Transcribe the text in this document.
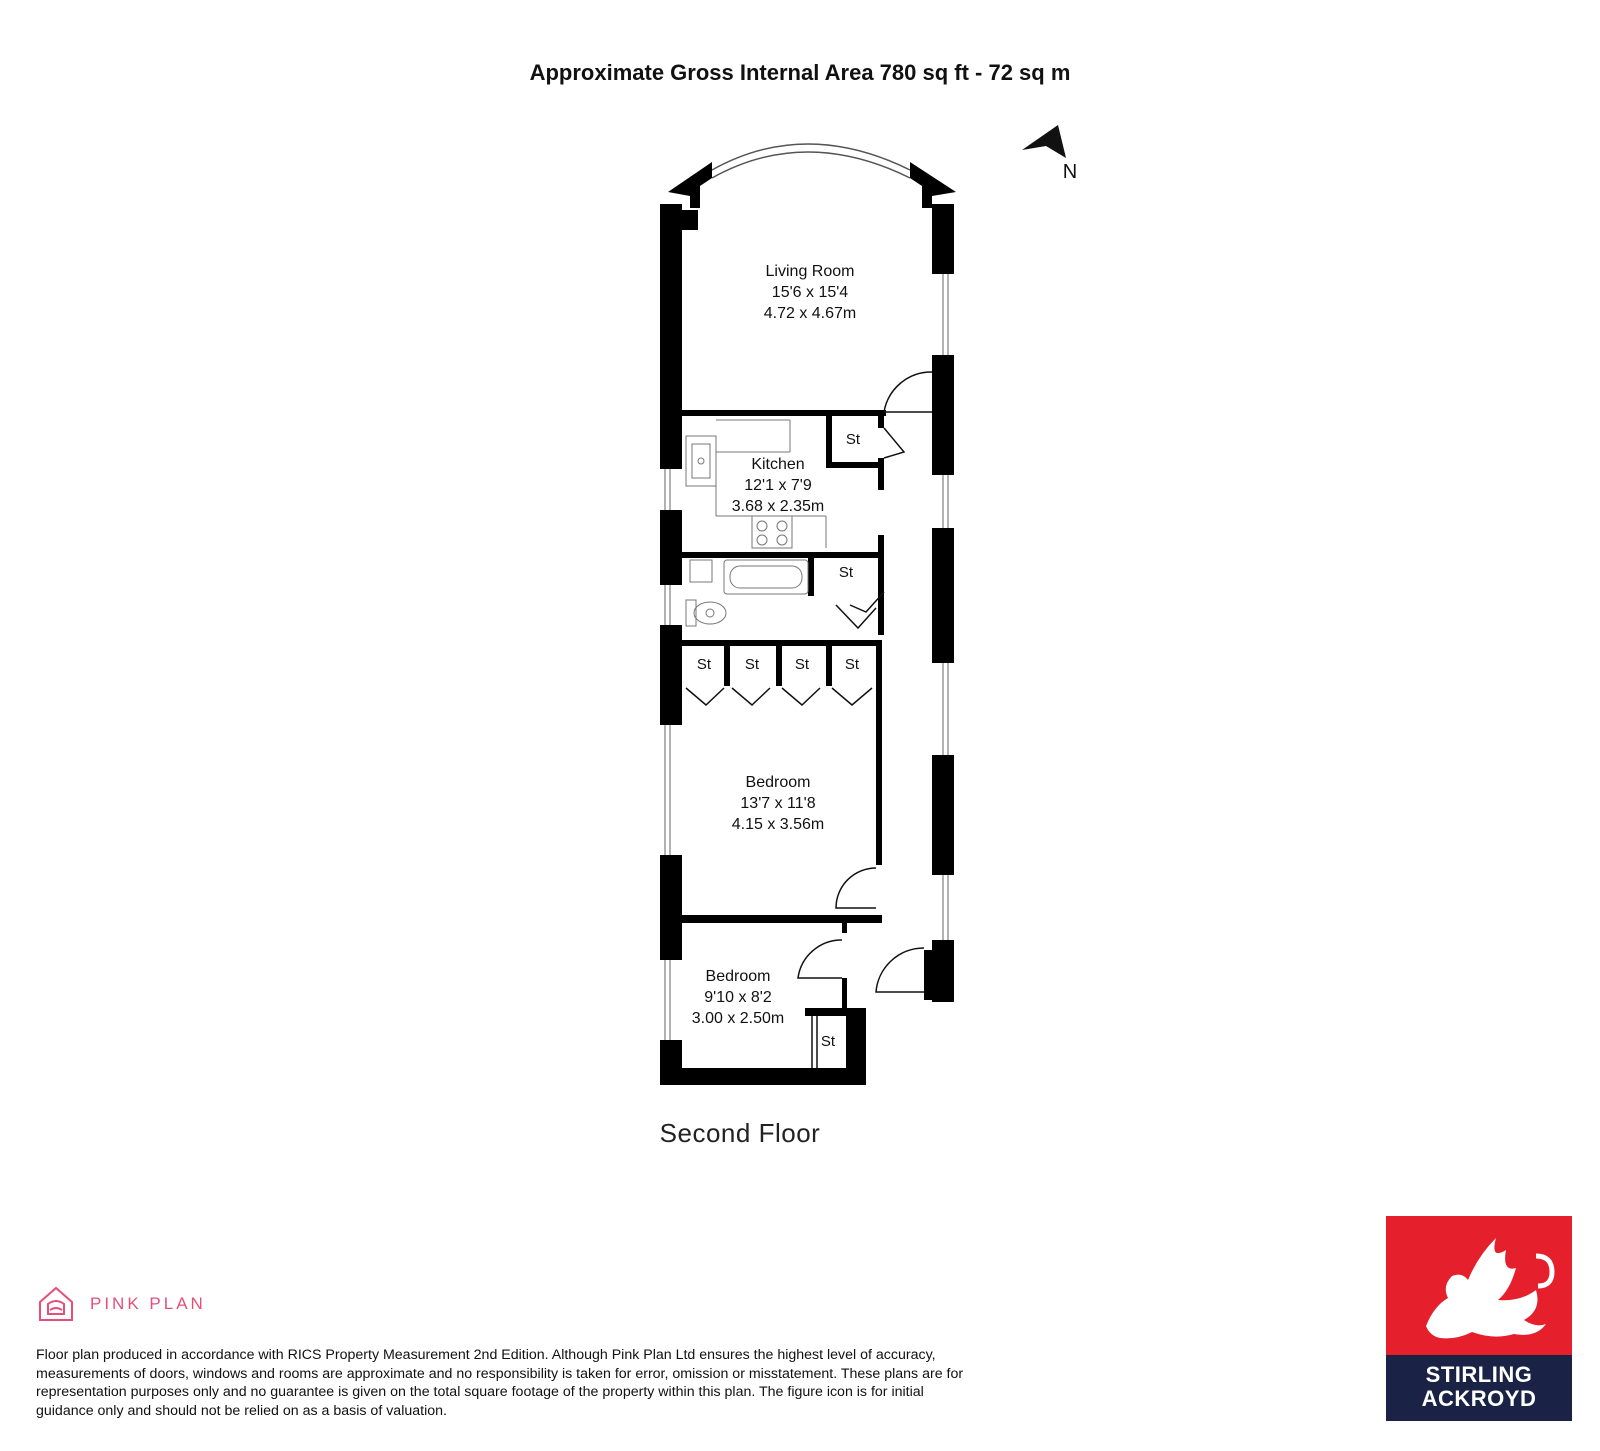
Approximate Gross Internal Area 780 sq ft - 72 sq m
N
Living Room
15'6 x 15'4
4.72 x 4.67m
Kitchen
12'1 x 7'9
3.68 x 2.35m
Bedroom
13'7 x 11'8
4.15 x 3.56m
Bedroom
9'10 x 8'2
3.00 x 2.50m
St
St
St St St St
St
Second Floor
PINK PLAN
Floor plan produced in accordance with RICS Property Measurement 2nd Edition. Although Pink Plan Ltd ensures the highest level of accuracy, measurements of doors, windows and rooms are approximate and no responsibility is taken for error, omission or misstatement. These plans are for representation purposes only and no guarantee is given on the total square footage of the property within this plan. The figure icon is for initial guidance only and should not be relied on as a basis of valuation.
STIRLING
ACKROYD
